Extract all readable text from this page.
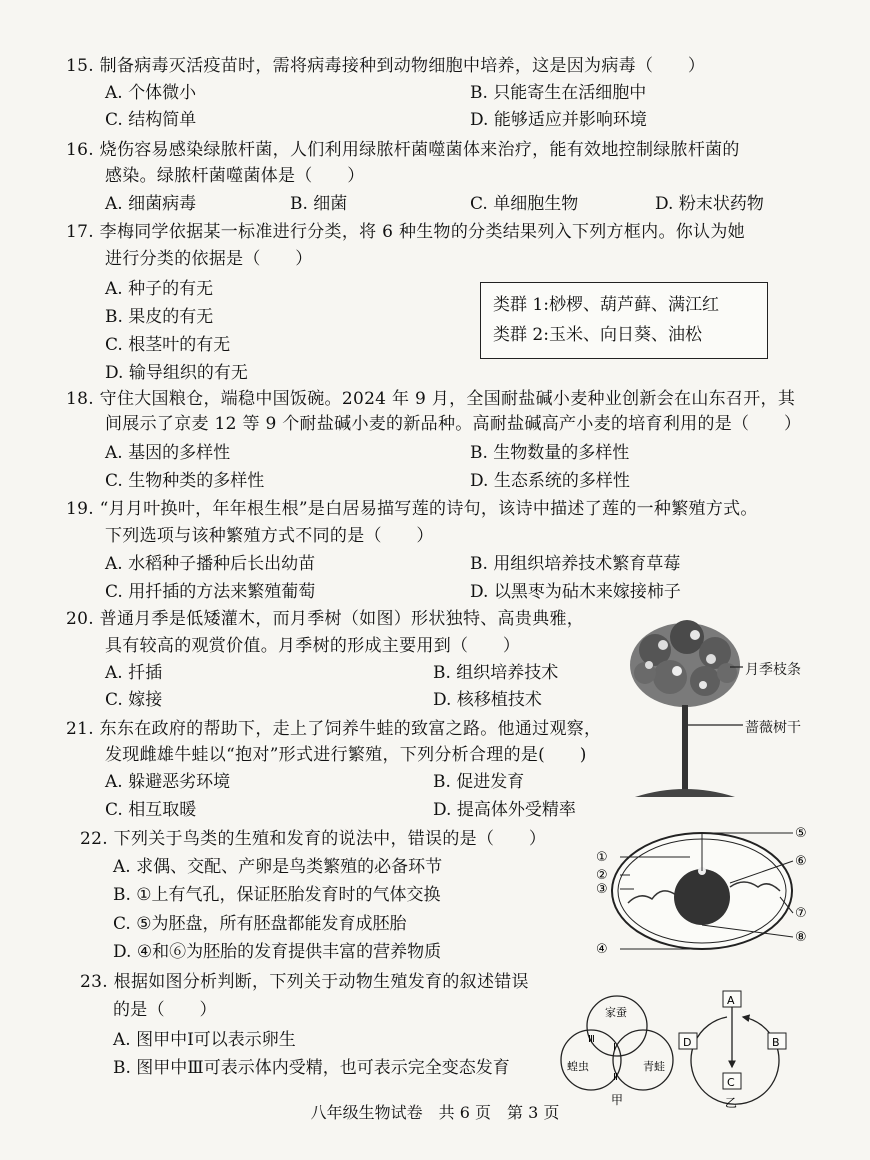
15. 制备病毒灭活疫苗时，需将病毒接种到动物细胞中培养，这是因为病毒（　　）
A. 个体微小	B. 只能寄生在活细胞中
C. 结构简单	D. 能够适应并影响环境
16. 烧伤容易感染绿脓杆菌，人们利用绿脓杆菌噬菌体来治疗，能有效地控制绿脓杆菌的
感染。绿脓杆菌噬菌体是（　　）
A. 细菌病毒	B. 细菌	C. 单细胞生物	D. 粉末状药物
17. 李梅同学依据某一标准进行分类，将 6 种生物的分类结果列入下列方框内。你认为她
进行分类的依据是（　　）
A. 种子的有无
B. 果皮的有无
C. 根茎叶的有无
D. 输导组织的有无
类群 1:桫椤、葫芦藓、满江红
类群 2:玉米、向日葵、油松
18. 守住大国粮仓，端稳中国饭碗。2024 年 9 月，全国耐盐碱小麦种业创新会在山东召开，其
间展示了京麦 12 等 9 个耐盐碱小麦的新品种。高耐盐碱高产小麦的培育利用的是（　　）
A. 基因的多样性	B. 生物数量的多样性
C. 生物种类的多样性	D. 生态系统的多样性
19. “月月叶换叶，年年根生根”是白居易描写莲的诗句，该诗中描述了莲的一种繁殖方式。
下列选项与该种繁殖方式不同的是（　　）
A. 水稻种子播种后长出幼苗	B. 用组织培养技术繁育草莓
C. 用扦插的方法来繁殖葡萄	D. 以黑枣为砧木来嫁接柿子
20. 普通月季是低矮灌木，而月季树（如图）形状独特、高贵典雅，
具有较高的观赏价值。月季树的形成主要用到（　　）
A. 扦插	B. 组织培养技术
C. 嫁接	D. 核移植技术
月季枝条
蔷薇树干
21. 东东在政府的帮助下，走上了饲养牛蛙的致富之路。他通过观察，
发现雌雄牛蛙以“抱对”形式进行繁殖，下列分析合理的是(　　)
A. 躲避恶劣环境	B. 促进发育
C. 相互取暖	D. 提高体外受精率
22. 下列关于鸟类的生殖和发育的说法中，错误的是（　　）
A. 求偶、交配、产卵是鸟类繁殖的必备环节
B. ①上有气孔，保证胚胎发育时的气体交换
C. ⑤为胚盘，所有胚盘都能发育成胚胎
D. ④和⑥为胚胎的发育提供丰富的营养物质
①
②
③
④
⑤
⑥
⑦
⑧
23. 根据如图分析判断，下列关于动物生殖发育的叙述错误
的是（　　）
A. 图甲中Ⅰ可以表示卵生
B. 图甲中Ⅲ可表示体内受精，也可表示完全变态发育
家蚕
蝗虫	青蛙
Ⅰ
Ⅱ
Ⅲ
甲
A
B
C
D
乙
八年级生物试卷　共 6 页　第 3 页
